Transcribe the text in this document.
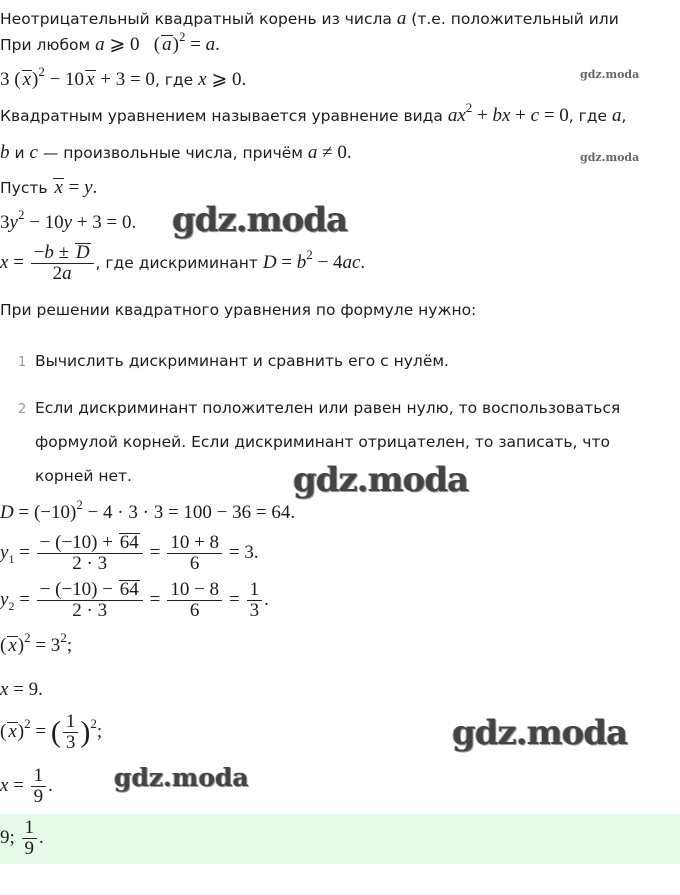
Неотрицательный квадратный корень из числа a (т.е. положительный или
При любом a ⩾ 0   ( a)$^2$ = a.
3 ( x)$^2$ − 10 x + 3 = 0, где x ⩾ 0.	gdz.moda
Квадратным уравнением называется уравнение вида $ax^2$ + bx + c = 0, где a,
b и c — произвольные числа, причём a ≠ 0.	gdz.moda
Пусть x = y.
$3y^2 - 10y + 3 = 0$. gdz.moda
$x = \frac{-b \pm D}{2a}$ , где дискриминант $D = b^2 - 4ac$.
При решении квадратного уравнения по формуле нужно:
1 Вычислить дискриминант и сравнить его с нулём.
2 Если дискриминант положителен или равен нулю, то воспользоваться
формулой корней. Если дискриминант отрицателен, то записать, что
корней нет.	gdz.moda
$D = (-10)^2 - 4 \cdot 3 \cdot 3 = 100 - 36 = 64$.
$y_1 = \frac{- (-10) + 64}{2 \cdot 3} = \frac{10 + 8}{6} = 3$.
$y_2 = \frac{- (-10) - 64}{2 \cdot 3} = \frac{10 - 8}{6} = \frac{1}{3}$ .
( $x)^2 = 3^2$;
x = 9.
( x)$^2$ = ( $\frac{1}{3} )^2$;	gdz.moda
$x = \frac{1}{9}$ . gdz.moda
9; $\frac{1}{9}$ .
